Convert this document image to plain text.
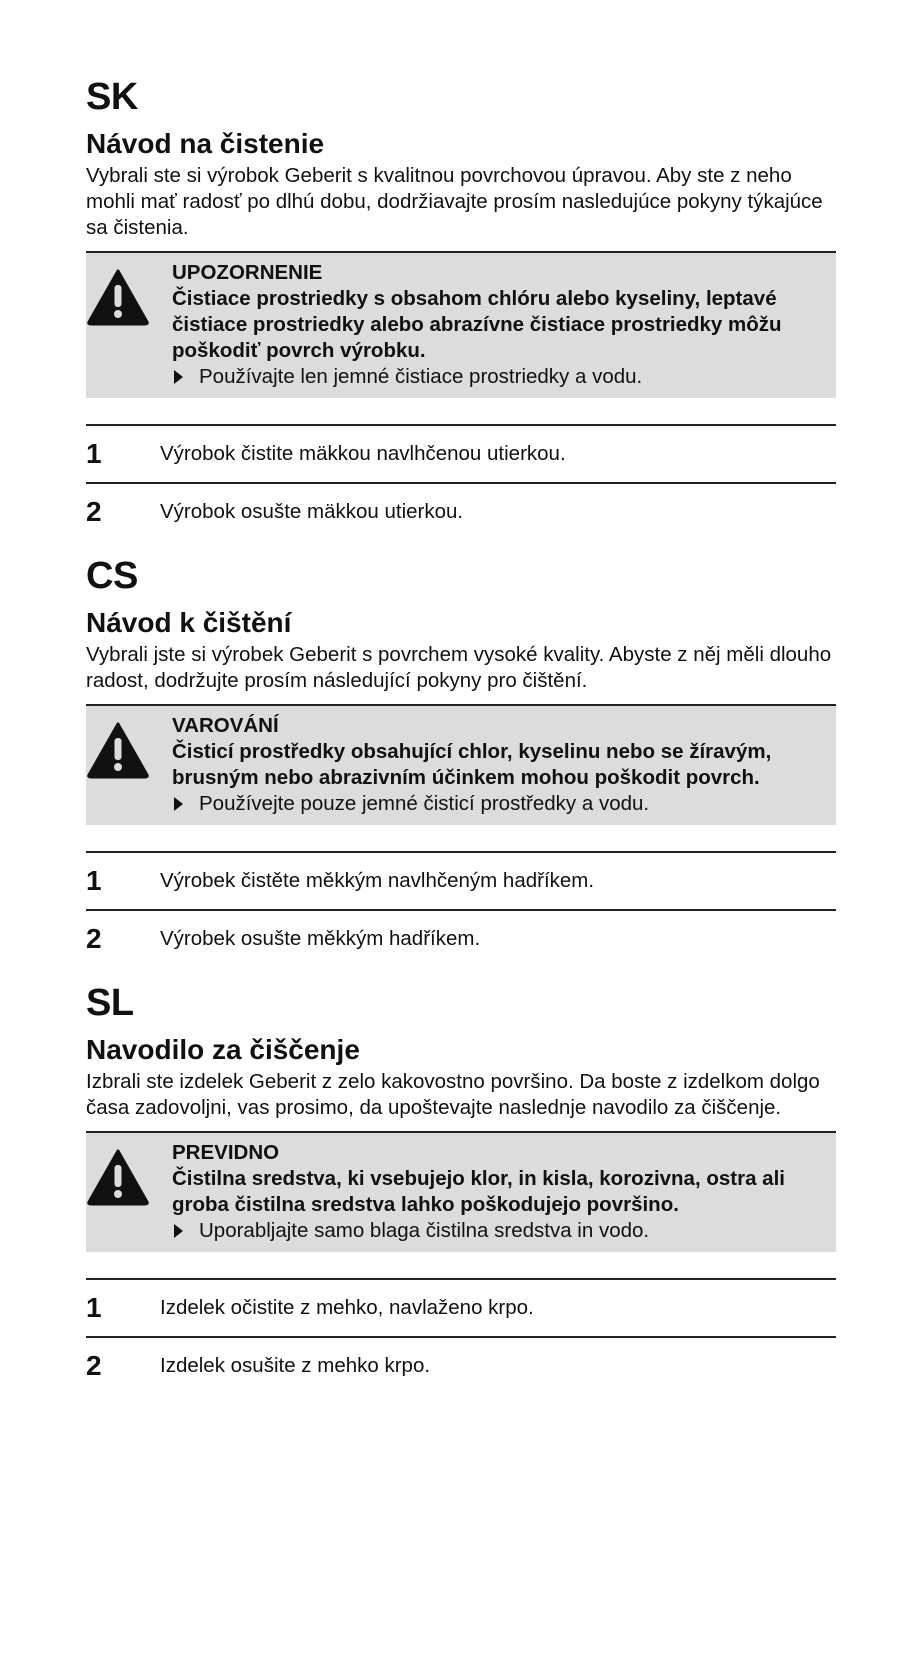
SK
Návod na čistenie
Vybrali ste si výrobok Geberit s kvalitnou povrchovou úpravou. Aby ste z neho mohli mať radosť po dlhú dobu, dodržiavajte prosím nasledujúce pokyny týkajúce sa čistenia.
UPOZORNENIE
Čistiace prostriedky s obsahom chlóru alebo kyseliny, leptavé čistiace prostriedky alebo abrazívne čistiace prostriedky môžu poškodiť povrch výrobku.
Používajte len jemné čistiace prostriedky a vodu.
1	Výrobok čistite mäkkou navlhčenou utierkou.
2	Výrobok osušte mäkkou utierkou.
CS
Návod k čištění
Vybrali jste si výrobek Geberit s povrchem vysoké kvality. Abyste z něj měli dlouho radost, dodržujte prosím následující pokyny pro čištění.
VAROVÁNÍ
Čisticí prostředky obsahující chlor, kyselinu nebo se žíravým, brusným nebo abrazivním účinkem mohou poškodit povrch.
Používejte pouze jemné čisticí prostředky a vodu.
1	Výrobek čistěte měkkým navlhčeným hadříkem.
2	Výrobek osušte měkkým hadříkem.
SL
Navodilo za čiščenje
Izbrali ste izdelek Geberit z zelo kakovostno površino. Da boste z izdelkom dolgo časa zadovoljni, vas prosimo, da upoštevajte naslednje navodilo za čiščenje.
PREVIDNO
Čistilna sredstva, ki vsebujejo klor, in kisla, korozivna, ostra ali groba čistilna sredstva lahko poškodujejo površino.
Uporabljajte samo blaga čistilna sredstva in vodo.
1	Izdelek očistite z mehko, navlaženo krpo.
2	Izdelek osušite z mehko krpo.
